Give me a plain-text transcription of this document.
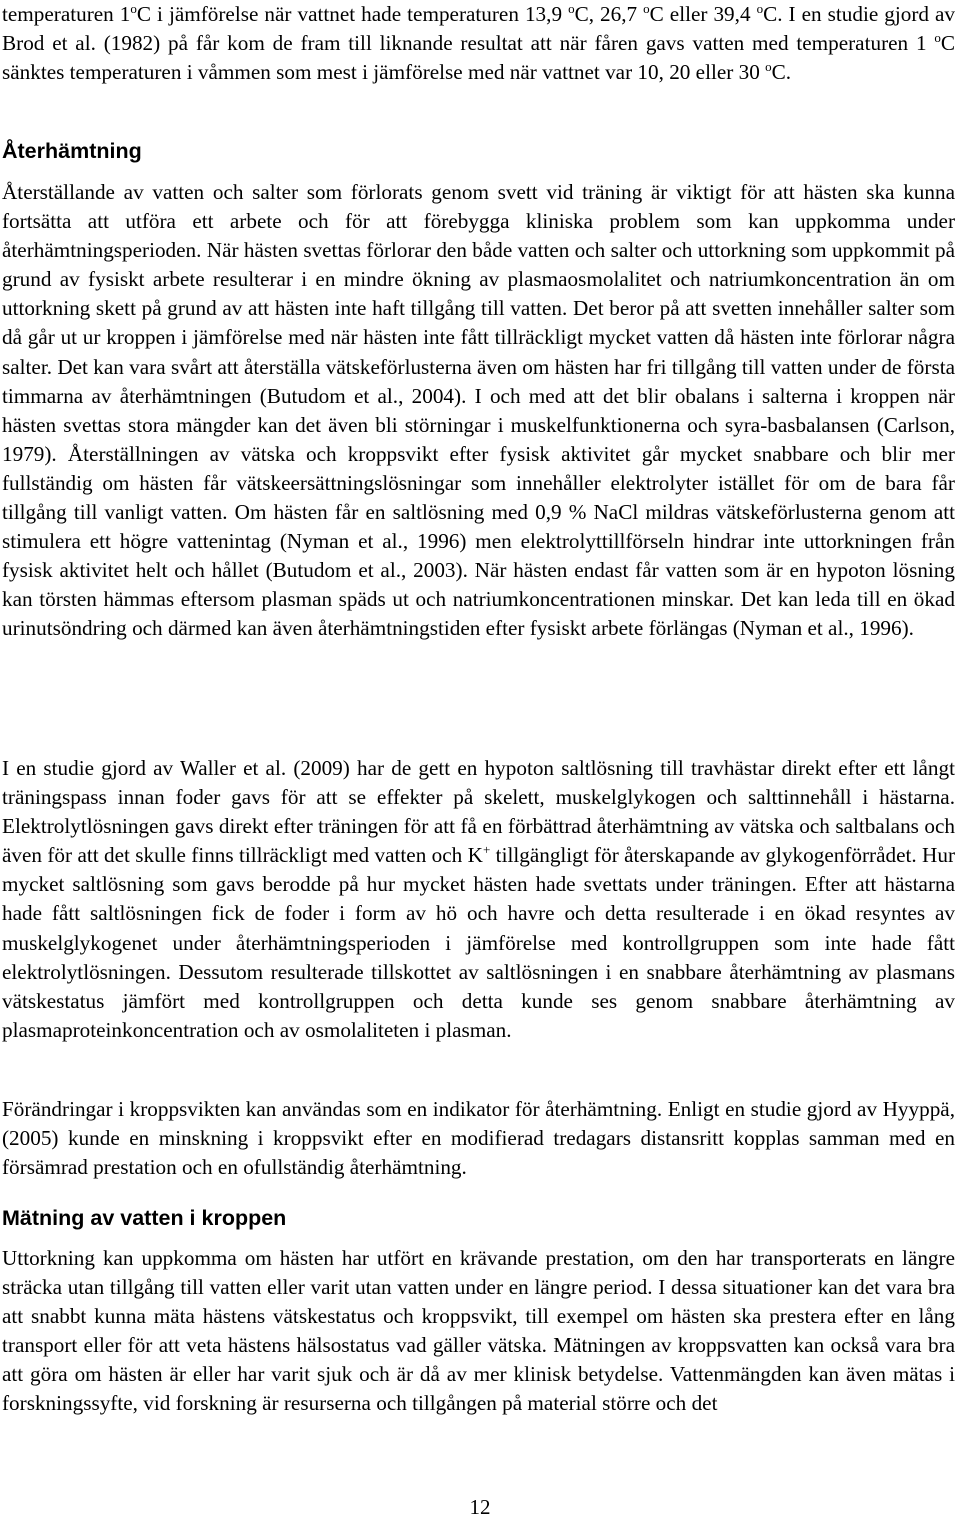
temperaturen 1$^o$C i jämförelse när vattnet hade temperaturen 13,9 $^o$C, 26,7 $^o$C eller 39,4 $^o$C. I en studie gjord av Brod et al. (1982) på får kom de fram till liknande resultat att när fåren gavs vatten med temperaturen 1 $^o$C sänktes temperaturen i våmmen som mest i jämförelse med när vattnet var 10, 20 eller 30 $^o$C.

Återhämtning

Återställande av vatten och salter som förlorats genom svett vid träning är viktigt för att hästen ska kunna fortsätta att utföra ett arbete och för att förebygga kliniska problem som kan uppkomma under återhämtningsperioden. När hästen svettas förlorar den både vatten och salter och uttorkning som uppkommit på grund av fysiskt arbete resulterar i en mindre ökning av plasmaosmolalitet och natriumkoncentration än om uttorkning skett på grund av att hästen inte haft tillgång till vatten. Det beror på att svetten innehåller salter som då går ut ur kroppen i jämförelse med när hästen inte fått tillräckligt mycket vatten då hästen inte förlorar några salter. Det kan vara svårt att återställa vätskeförlusterna även om hästen har fri tillgång till vatten under de första timmarna av återhämtningen (Butudom et al., 2004). I och med att det blir obalans i salterna i kroppen när hästen svettas stora mängder kan det även bli störningar i muskelfunktionerna och syra-basbalansen (Carlson, 1979). Återställningen av vätska och kroppsvikt efter fysisk aktivitet går mycket snabbare och blir mer fullständig om hästen får vätskeersättningslösningar som innehåller elektrolyter istället för om de bara får tillgång till vanligt vatten. Om hästen får en saltlösning med 0,9 % NaCl mildras vätskeförlusterna genom att stimulera ett högre vattenintag (Nyman et al., 1996) men elektrolyttillförseln hindrar inte uttorkningen från fysisk aktivitet helt och hållet (Butudom et al., 2003). När hästen endast får vatten som är en hypoton lösning kan törsten hämmas eftersom plasman späds ut och natriumkoncentrationen minskar. Det kan leda till en ökad urinutsöndring och därmed kan även återhämtningstiden efter fysiskt arbete förlängas (Nyman et al., 1996).

I en studie gjord av Waller et al. (2009) har de gett en hypoton saltlösning till travhästar direkt efter ett långt träningspass innan foder gavs för att se effekter på skelett, muskelglykogen och salttinnehåll i hästarna. Elektrolytlösningen gavs direkt efter träningen för att få en förbättrad återhämtning av vätska och saltbalans och även för att det skulle finns tillräckligt med vatten och K+ tillgängligt för återskapande av glykogenförrådet. Hur mycket saltlösning som gavs berodde på hur mycket hästen hade svettats under träningen. Efter att hästarna hade fått saltlösningen fick de foder i form av hö och havre och detta resulterade i en ökad resyntes av muskelglykogenet under återhämtningsperioden i jämförelse med kontrollgruppen som inte hade fått elektrolytlösningen. Dessutom resulterade tillskottet av saltlösningen i en snabbare återhämtning av plasmans vätskestatus jämfört med kontrollgruppen och detta kunde ses genom snabbare återhämtning av plasmaproteinkoncentration och av osmolaliteten i plasman.

Förändringar i kroppsvikten kan användas som en indikator för återhämtning. Enligt en studie gjord av Hyyppä, (2005) kunde en minskning i kroppsvikt efter en modifierad tredagars distansritt kopplas samman med en försämrad prestation och en ofullständig återhämtning.

Mätning av vatten i kroppen

Uttorkning kan uppkomma om hästen har utfört en krävande prestation, om den har transporterats en längre sträcka utan tillgång till vatten eller varit utan vatten under en längre period. I dessa situationer kan det vara bra att snabbt kunna mäta hästens vätskestatus och kroppsvikt, till exempel om hästen ska prestera efter en lång transport eller för att veta hästens hälsostatus vad gäller vätska. Mätningen av kroppsvatten kan också vara bra att göra om hästen är eller har varit sjuk och är då av mer klinisk betydelse. Vattenmängden kan även mätas i forskningssyfte, vid forskning är resurserna och tillgången på material större och det

12
